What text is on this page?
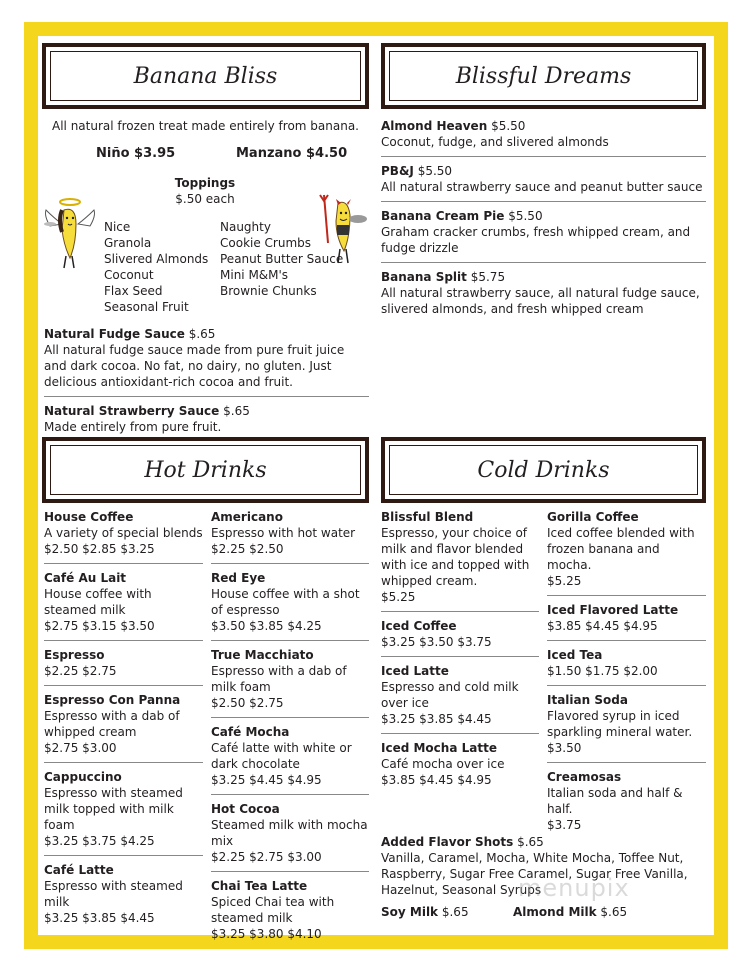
Banana Bliss
All natural frozen treat made entirely from banana.
Niño $3.95	Manzano $4.50
Toppings
$.50 each
Nice
Granola
Slivered Almonds
Coconut
Flax Seed
Seasonal Fruit
Naughty
Cookie Crumbs
Peanut Butter Sauce
Mini M&M's
Brownie Chunks
Natural Fudge Sauce $.65
All natural fudge sauce made from pure fruit juice and dark cocoa. No fat, no dairy, no gluten. Just delicious antioxidant-rich cocoa and fruit.
Natural Strawberry Sauce $.65
Made entirely from pure fruit.
Blissful Dreams
Almond Heaven $5.50
Coconut, fudge, and slivered almonds
PB&J $5.50
All natural strawberry sauce and peanut butter sauce
Banana Cream Pie $5.50
Graham cracker crumbs, fresh whipped cream, and fudge drizzle
Banana Split $5.75
All natural strawberry sauce, all natural fudge sauce, slivered almonds, and fresh whipped cream
Hot Drinks
House Coffee
A variety of special blends
$2.50 $2.85 $3.25
Café Au Lait
House coffee with steamed milk
$2.75 $3.15 $3.50
Espresso
$2.25 $2.75
Espresso Con Panna
Espresso with a dab of whipped cream
$2.75 $3.00
Cappuccino
Espresso with steamed milk topped with milk foam
$3.25 $3.75 $4.25
Café Latte
Espresso with steamed milk
$3.25 $3.85 $4.45
Americano
Espresso with hot water
$2.25 $2.50
Red Eye
House coffee with a shot of espresso
$3.50 $3.85 $4.25
True Macchiato
Espresso with a dab of milk foam
$2.50 $2.75
Café Mocha
Café latte with white or dark chocolate
$3.25 $4.45 $4.95
Hot Cocoa
Steamed milk with mocha mix
$2.25 $2.75 $3.00
Chai Tea Latte
Spiced Chai tea with steamed milk
$3.25 $3.80 $4.10
Cold Drinks
Blissful Blend
Espresso, your choice of milk and flavor blended with ice and topped with whipped cream.
$5.25
Iced Coffee
$3.25 $3.50 $3.75
Iced Latte
Espresso and cold milk over ice
$3.25 $3.85 $4.45
Iced Mocha Latte
Café mocha over ice
$3.85 $4.45 $4.95
Gorilla Coffee
Iced coffee blended with frozen banana and mocha.
$5.25
Iced Flavored Latte
$3.85 $4.45 $4.95
Iced Tea
$1.50 $1.75 $2.00
Italian Soda
Flavored syrup in iced sparkling mineral water.
$3.50
Creamosas
Italian soda and half & half.
$3.75
Added Flavor Shots $.65
Vanilla, Caramel, Mocha, White Mocha, Toffee Nut, Raspberry, Sugar Free Caramel, Sugar Free Vanilla, Hazelnut, Seasonal Syrups
Soy Milk $.65	Almond Milk $.65
menupix
